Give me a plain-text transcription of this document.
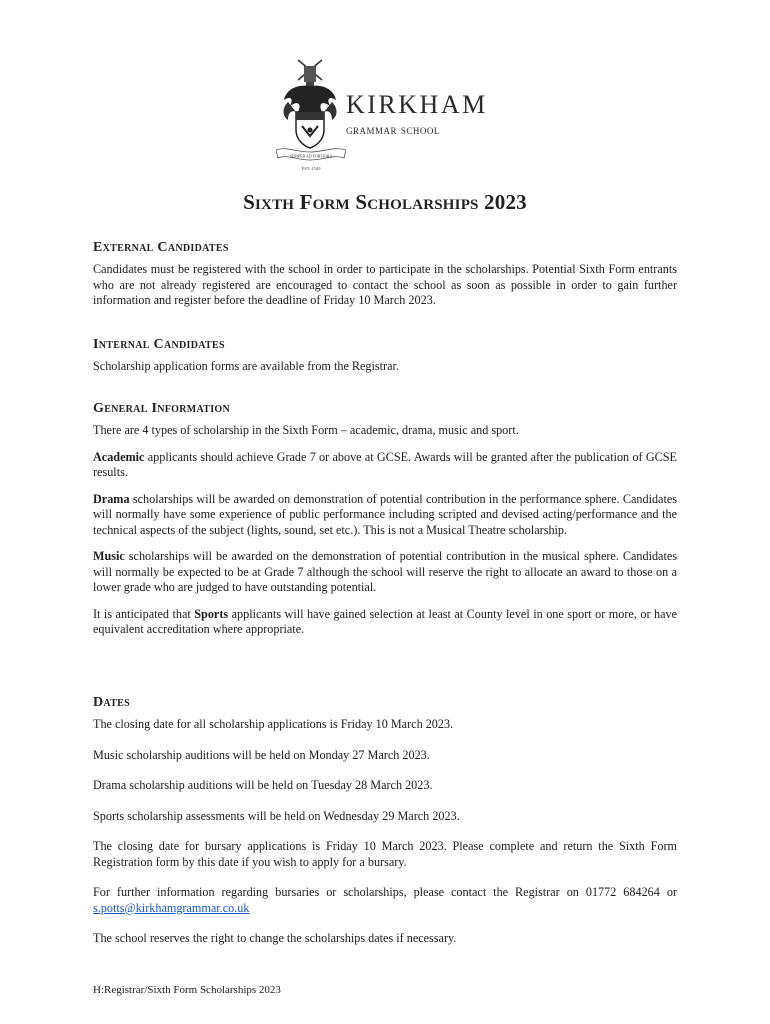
SEMPER AD FORTIORA
EST. 1549
KIRKHAM
grammar school
Sixth Form Scholarships 2023
External Candidates

Candidates must be registered with the school in order to participate in the scholarships. Potential Sixth Form entrants who are not already registered are encouraged to contact the school as soon as possible in order to gain further information and register before the deadline of Friday 10 March 2023.

Internal Candidates

Scholarship application forms are available from the Registrar.

General Information

There are 4 types of scholarship in the Sixth Form – academic, drama, music and sport.

Academic applicants should achieve Grade 7 or above at GCSE. Awards will be granted after the publication of GCSE results.

Drama scholarships will be awarded on demonstration of potential contribution in the performance sphere. Candidates will normally have some experience of public performance including scripted and devised acting/performance and the technical aspects of the subject (lights, sound, set etc.). This is not a Musical Theatre scholarship.

Music scholarships will be awarded on the demonstration of potential contribution in the musical sphere. Candidates will normally be expected to be at Grade 7 although the school will reserve the right to allocate an award to those on a lower grade who are judged to have outstanding potential.

It is anticipated that Sports applicants will have gained selection at least at County level in one sport or more, or have equivalent accreditation where appropriate.

Dates

The closing date for all scholarship applications is Friday 10 March 2023.

Music scholarship auditions will be held on Monday 27 March 2023.

Drama scholarship auditions will be held on Tuesday 28 March 2023.

Sports scholarship assessments will be held on Wednesday 29 March 2023.

The closing date for bursary applications is Friday 10 March 2023. Please complete and return the Sixth Form Registration form by this date if you wish to apply for a bursary.

For further information regarding bursaries or scholarships, please contact the Registrar on 01772 684264 or s.potts@kirkhamgrammar.co.uk

The school reserves the right to change the scholarships dates if necessary.

H:Registrar/Sixth Form Scholarships 2023
